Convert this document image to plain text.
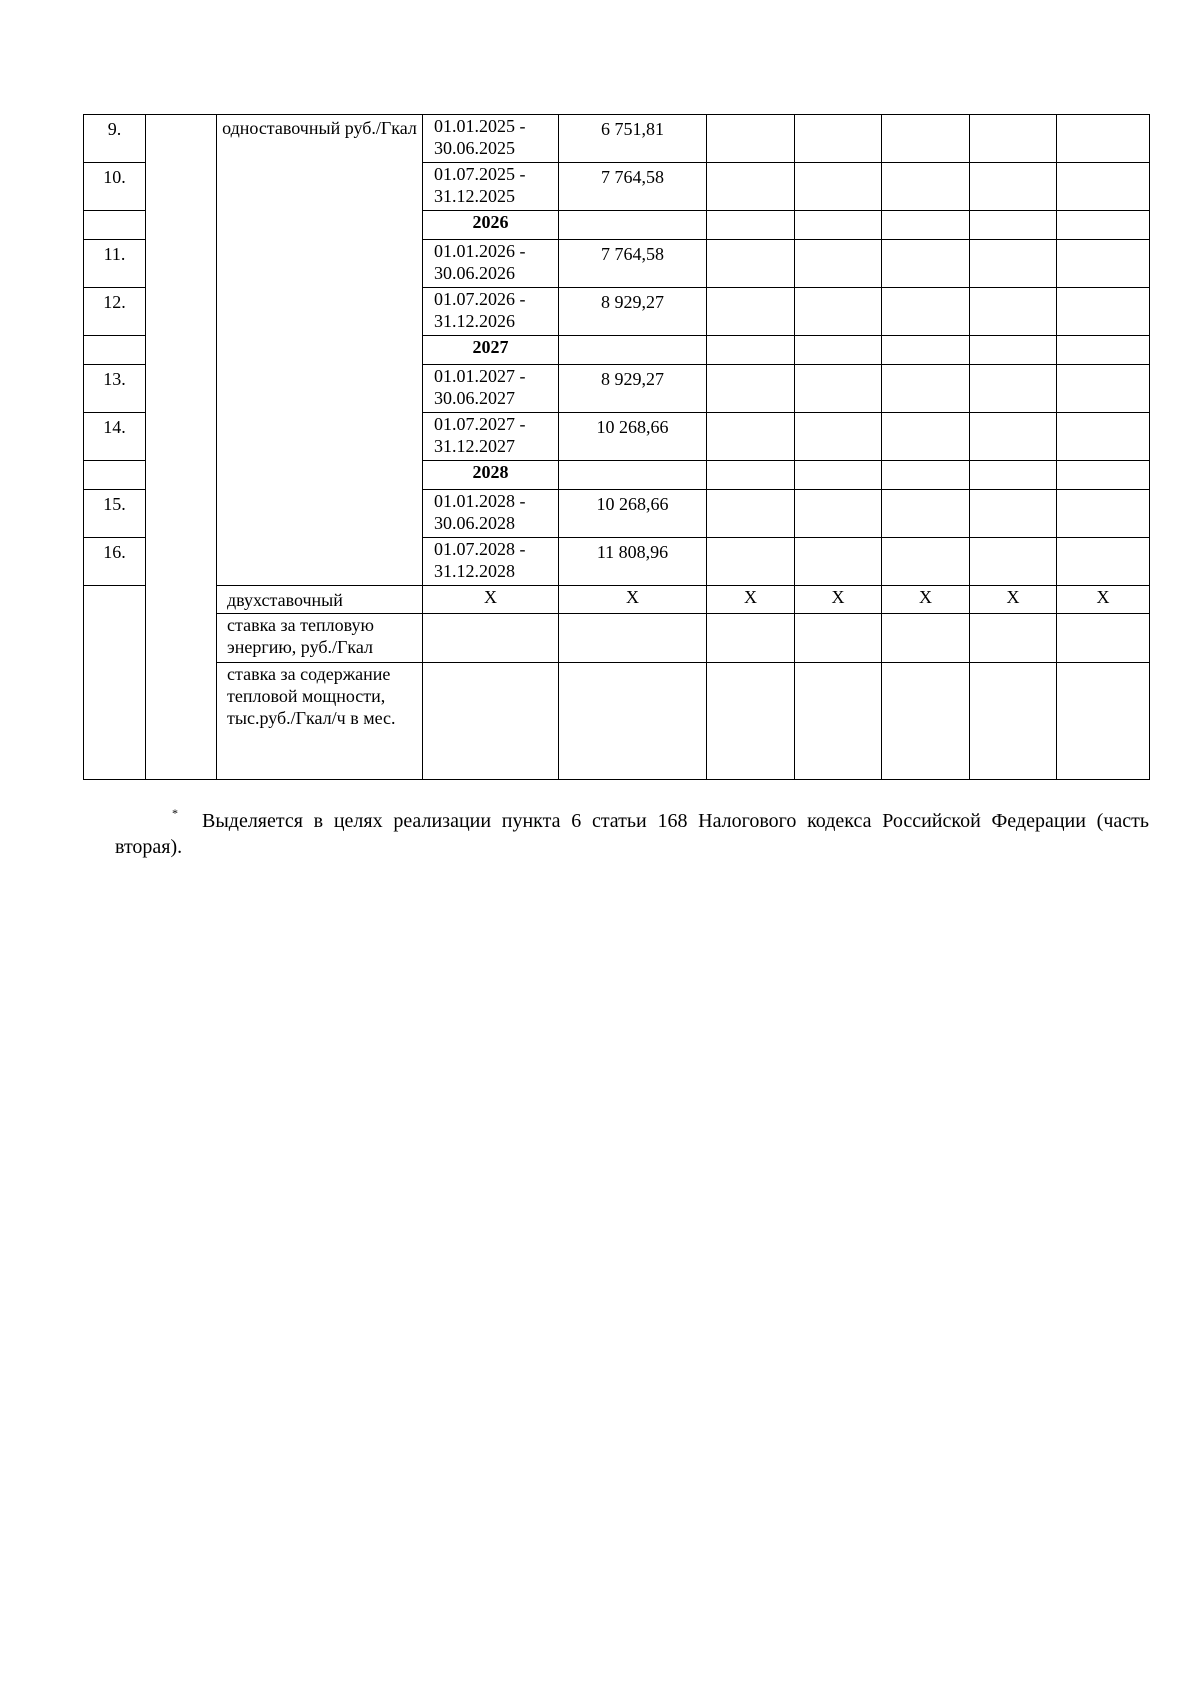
9.		одноставочный руб./Гкал	01.01.2025 -
30.06.2025	6 751,81					
10.			01.07.2025 -
31.12.2025	7 764,58					
			2026						
11.			01.01.2026 -
30.06.2026	7 764,58					
12.			01.07.2026 -
31.12.2026	8 929,27					
			2027						
13.			01.01.2027 -
30.06.2027	8 929,27					
14.			01.07.2027 -
31.12.2027	10 268,66					
			2028						
15.			01.01.2028 -
30.06.2028	10 268,66					
16.			01.07.2028 -
31.12.2028	11 808,96					
		двухставочный	X	X	X	X	X	X	X
		ставка за тепловую энергию, руб./Гкал							
		ставка за содержание тепловой мощности, тыс.руб./Гкал/ч в мес.							
* Выделяется в целях реализации пункта 6 статьи 168 Налогового кодекса Российской Федерации (часть вторая).
